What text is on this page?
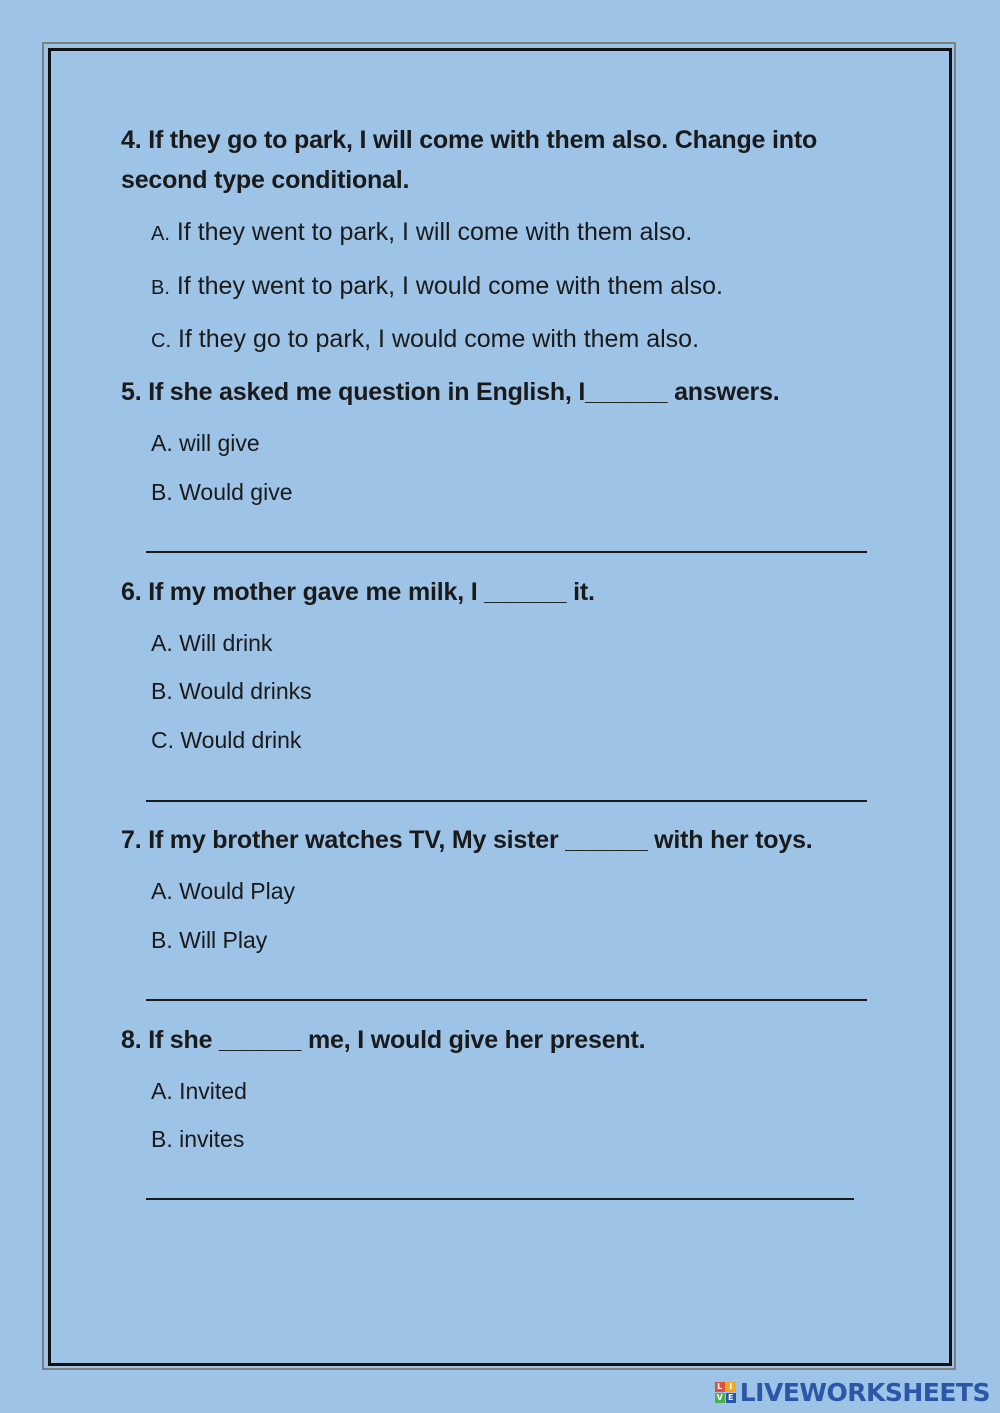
4. If they go to park, I will come with them also. Change into
second type conditional.
A. If they went to park, I will come with them also.
B. If they went to park, I would come with them also.
C. If they go to park, I would come with them also.
5. If she asked me question in English, I______ answers.
A. will give
B. Would give
6. If my mother gave me milk, I ______ it.
A. Will drink
B. Would drinks
C. Would drink
7. If my brother watches TV, My sister ______ with her toys.
A. Would Play
B. Will Play
8. If she ______ me, I would give her present.
A. Invited
B. invites
L I
V E LIVEWORKSHEETS
